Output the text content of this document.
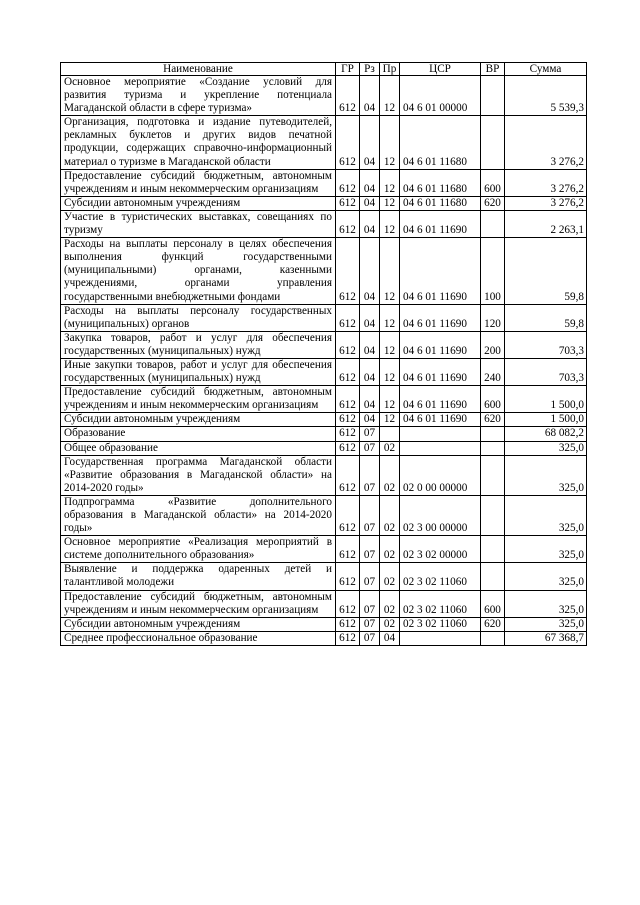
Наименование	ГР	Рз	Пр	ЦСР	ВР	Сумма
Основное мероприятие «Создание условий для развития туризма и укрепление потенциала Магаданской области в сфере туризма»	612	04	12	04 6 01 00000		5 539,3
Организация, подготовка и издание путеводителей, рекламных буклетов и других видов печатной продукции, содержащих справочно-информационный материал о туризме в Магаданской области	612	04	12	04 6 01 11680		3 276,2
Предоставление субсидий бюджетным, автономным учреждениям и иным некоммерческим организациям	612	04	12	04 6 01 11680	600	3 276,2
Субсидии автономным учреждениям	612	04	12	04 6 01 11680	620	3 276,2
Участие в туристических выставках, совещаниях по туризму	612	04	12	04 6 01 11690		2 263,1
Расходы на выплаты персоналу в целях обеспечения выполнения функций государственными (муниципальными) органами, казенными учреждениями, органами управления государственными внебюджетными фондами	612	04	12	04 6 01 11690	100	59,8
Расходы на выплаты персоналу государственных (муниципальных) органов	612	04	12	04 6 01 11690	120	59,8
Закупка товаров, работ и услуг для обеспечения государственных (муниципальных) нужд	612	04	12	04 6 01 11690	200	703,3
Иные закупки товаров, работ и услуг для обеспечения государственных (муниципальных) нужд	612	04	12	04 6 01 11690	240	703,3
Предоставление субсидий бюджетным, автономным учреждениям и иным некоммерческим организациям	612	04	12	04 6 01 11690	600	1 500,0
Субсидии автономным учреждениям	612	04	12	04 6 01 11690	620	1 500,0
Образование	612	07				68 082,2
Общее образование	612	07	02			325,0
Государственная программа Магаданской области «Развитие образования в Магаданской области» на 2014-2020 годы»	612	07	02	02 0 00 00000		325,0
Подпрограмма «Развитие дополнительного образования в Магаданской области» на 2014-2020 годы»	612	07	02	02 3 00 00000		325,0
Основное мероприятие «Реализация мероприятий в системе дополнительного образования»	612	07	02	02 3 02 00000		325,0
Выявление и поддержка одаренных детей и талантливой молодежи	612	07	02	02 3 02 11060		325,0
Предоставление субсидий бюджетным, автономным учреждениям и иным некоммерческим организациям	612	07	02	02 3 02 11060	600	325,0
Субсидии автономным учреждениям	612	07	02	02 3 02 11060	620	325,0
Среднее профессиональное образование	612	07	04			67 368,7
